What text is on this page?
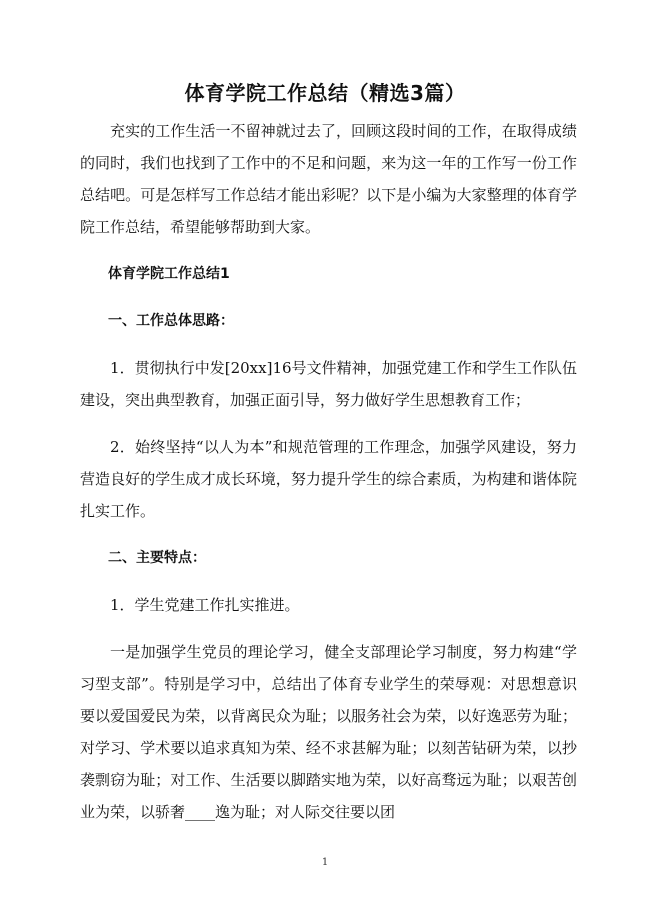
体育学院工作总结（精选3篇）

充实的工作生活一不留神就过去了，回顾这段时间的工作，在取得成绩的同时，我们也找到了工作中的不足和问题，来为这一年的工作写一份工作总结吧。可是怎样写工作总结才能出彩呢？以下是小编为大家整理的体育学院工作总结，希望能够帮助到大家。

体育学院工作总结1

一、工作总体思路：

1．贯彻执行中发[20xx]16号文件精神，加强党建工作和学生工作队伍建设，突出典型教育，加强正面引导，努力做好学生思想教育工作；

2．始终坚持“以人为本”和规范管理的工作理念，加强学风建设，努力营造良好的学生成才成长环境，努力提升学生的综合素质，为构建和谐体院扎实工作。

二、主要特点：

1．学生党建工作扎实推进。

一是加强学生党员的理论学习，健全支部理论学习制度，努力构建“学习型支部”。特别是学习中，总结出了体育专业学生的荣辱观：对思想意识要以爱国爱民为荣，以背离民众为耻；以服务社会为荣，以好逸恶劳为耻；对学习、学术要以追求真知为荣、经不求甚解为耻；以刻苦钻研为荣，以抄袭剽窃为耻；对工作、生活要以脚踏实地为荣，以好高骛远为耻；以艰苦创业为荣，以骄奢____逸为耻；对人际交往要以团

1
